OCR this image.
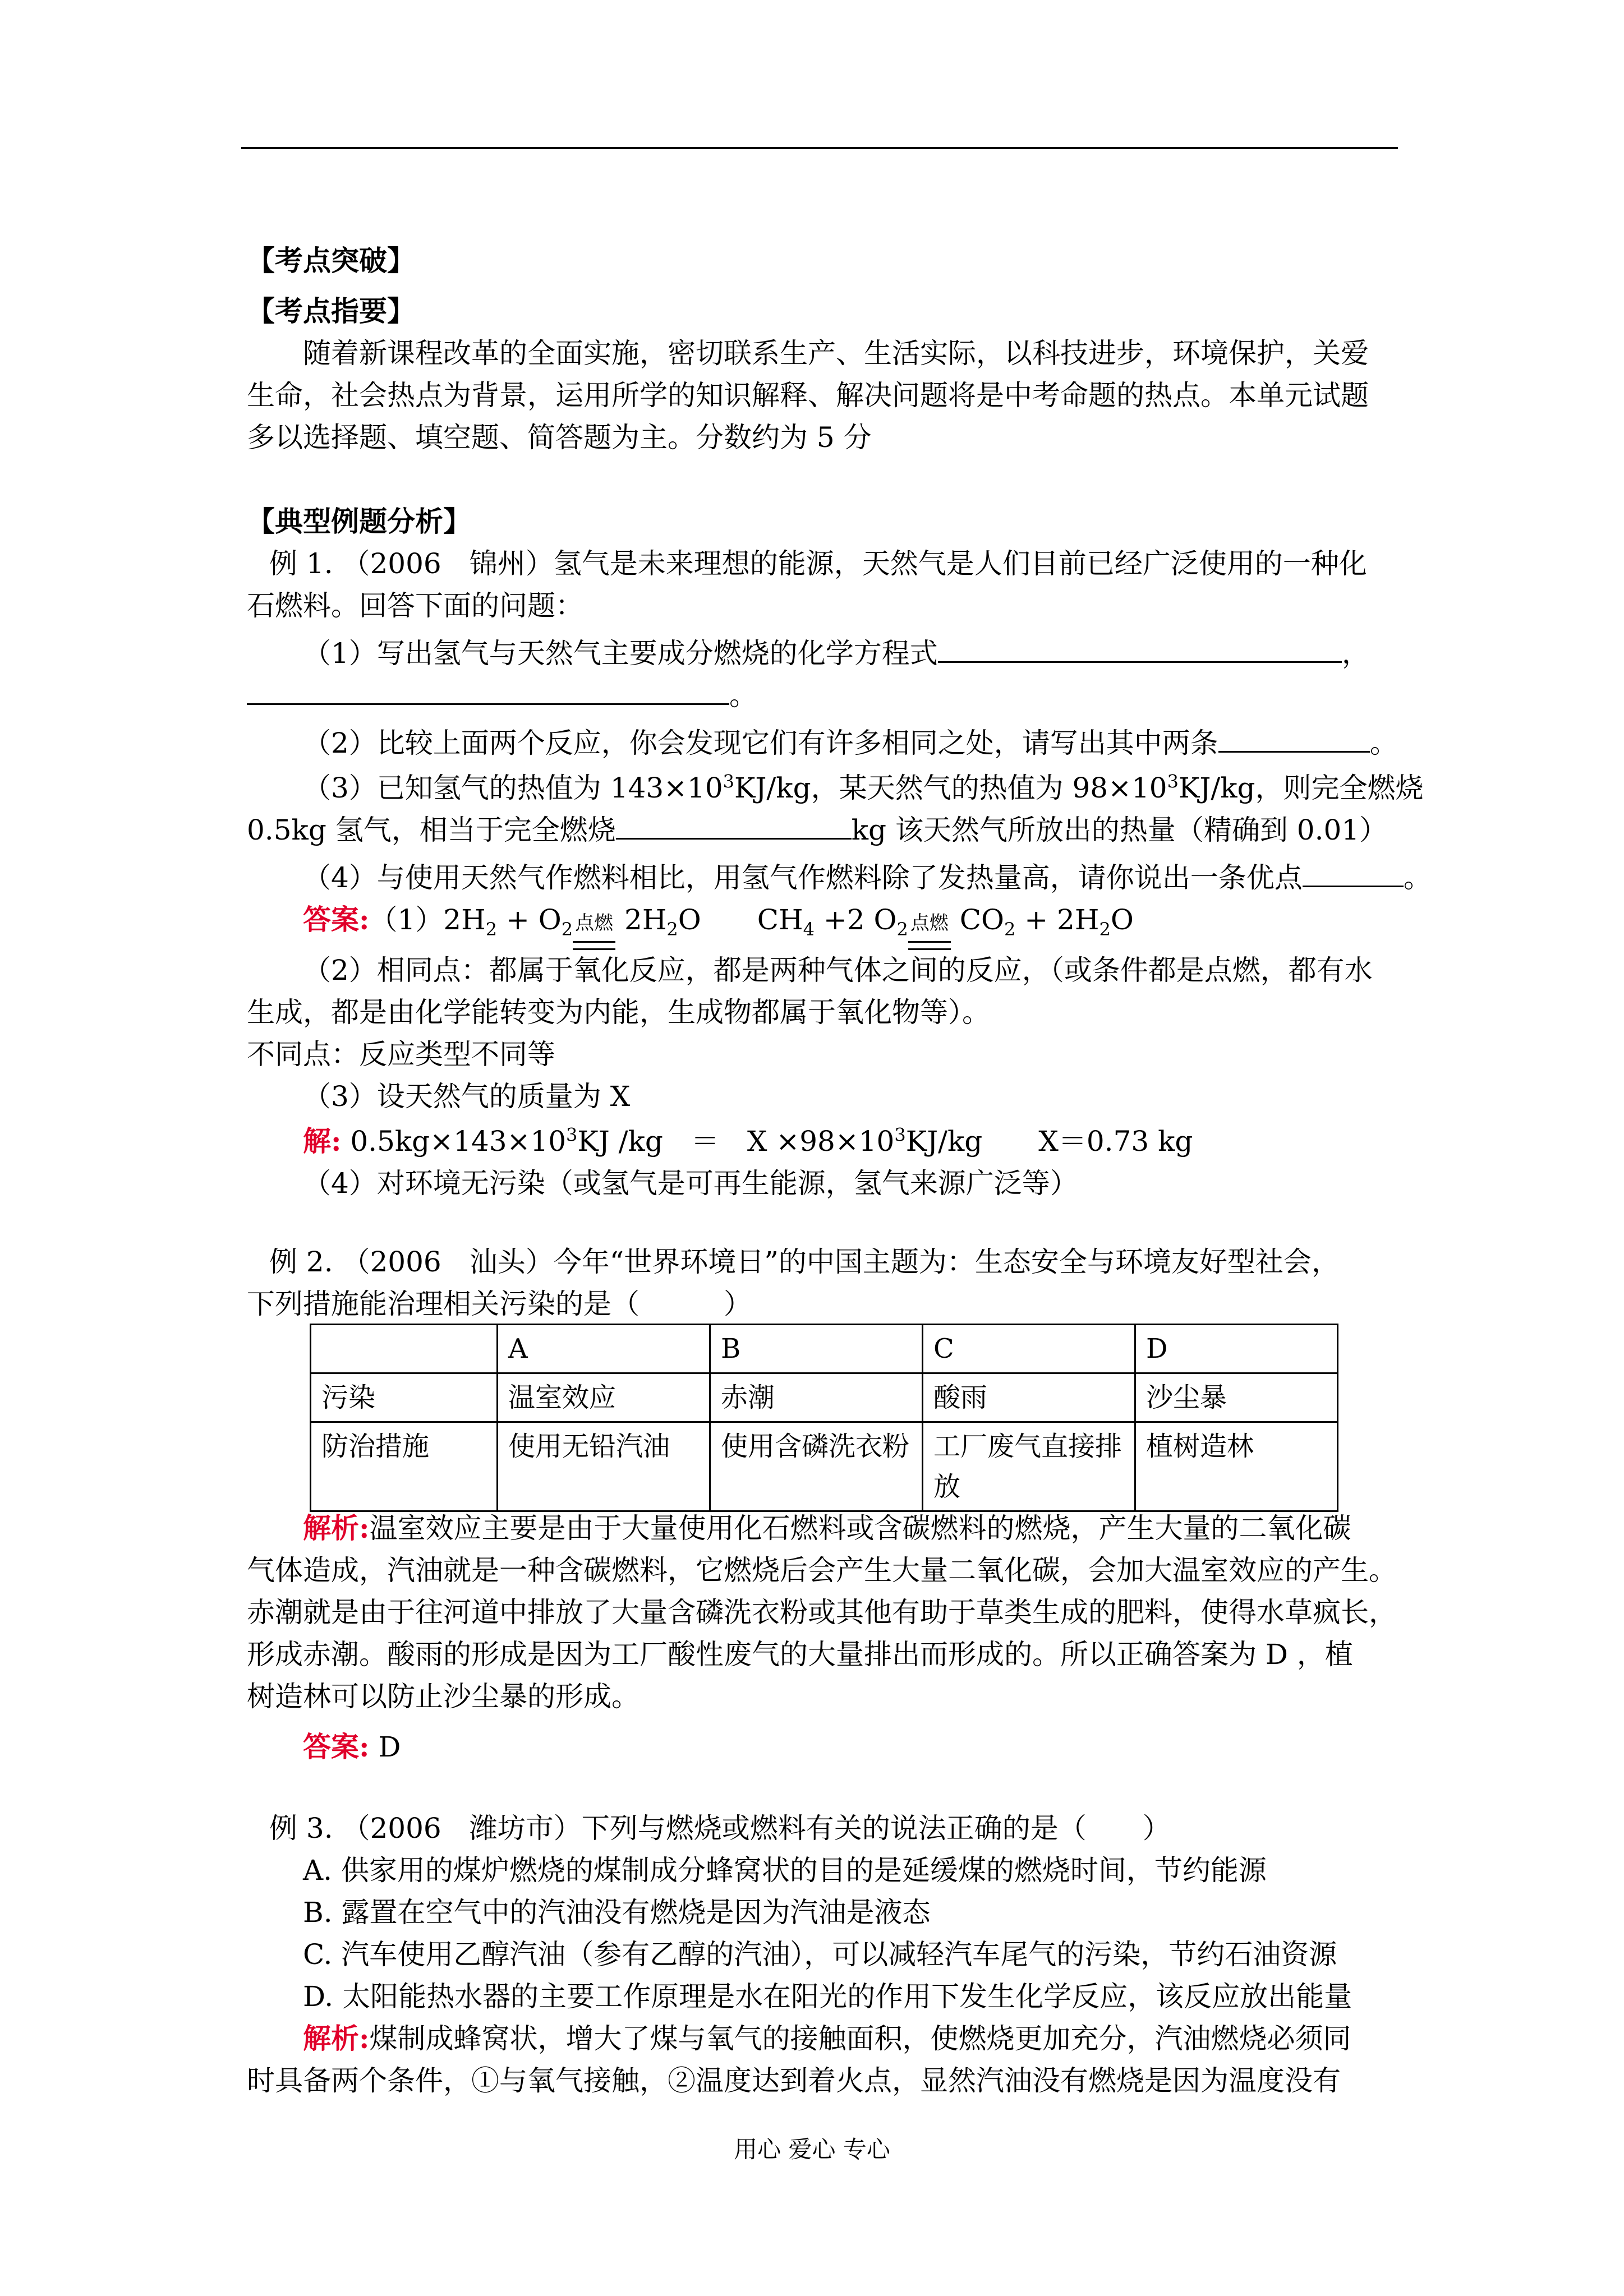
【考点突破】
【考点指要】
随着新课程改革的全面实施，密切联系生产、生活实际，以科技进步，环境保护，关爱
生命，社会热点为背景，运用所学的知识解释、解决问题将是中考命题的热点。本单元试题
多以选择题、填空题、简答题为主。分数约为 5 分
【典型例题分析】
例 1. （2006　锦州）氢气是未来理想的能源，天然气是人们目前已经广泛使用的一种化
石燃料。回答下面的问题：
（1）写出氢气与天然气主要成分燃烧的化学方程式	，
。
（2）比较上面两个反应，你会发现它们有许多相同之处，请写出其中两条	。
（3）已知氢气的热值为 $143\times 10^3KJ/kg$，某天然气的热值为 $98\times 10^3KJ/kg$，则完全燃烧
0.5kg 氢气，相当于完全燃烧	kg 该天然气所放出的热量（精确到 0.01）
（4）与使用天然气作燃料相比，用氢气作燃料除了发热量高，请你说出一条优点	。
答案$:(1)2H_2 + O_2$ 点燃 $2H_2O$ $CH_4 +2$ $O_2$ 点燃 $CO_2 + 2H_2O$
（2）相同点：都属于氧化反应，都是两种气体之间的反应，（或条件都是点燃，都有水
生成，都是由化学能转变为内能，生成物都属于氧化物等）。
不同点：反应类型不同等
（3）设天然气的质量为 X
解: $0.5kg\times 143\times 10^3KJ$ /kg　＝　$X \times 98\times 10^3KJ/kg$　　X＝0.73 kg
（4）对环境无污染（或氢气是可再生能源，氢气来源广泛等）
例 2. （2006　汕头）今年“世界环境日”的中国主题为：生态安全与环境友好型社会，
下列措施能治理相关污染的是（　　　）
	A	B	C	D
污染	温室效应	赤潮	酸雨	沙尘暴
防治措施	使用无铅汽油	使用含磷洗衣粉	工厂废气直接排放	植树造林
解析:温室效应主要是由于大量使用化石燃料或含碳燃料的燃烧，产生大量的二氧化碳
气体造成，汽油就是一种含碳燃料，它燃烧后会产生大量二氧化碳，会加大温室效应的产生。
赤潮就是由于往河道中排放了大量含磷洗衣粉或其他有助于草类生成的肥料，使得水草疯长，
形成赤潮。酸雨的形成是因为工厂酸性废气的大量排出而形成的。所以正确答案为 D ，植
树造林可以防止沙尘暴的形成。
答案: D
例 3. （2006　潍坊市）下列与燃烧或燃料有关的说法正确的是（　　）
A. 供家用的煤炉燃烧的煤制成分蜂窝状的目的是延缓煤的燃烧时间，节约能源
B. 露置在空气中的汽油没有燃烧是因为汽油是液态
C. 汽车使用乙醇汽油（参有乙醇的汽油），可以减轻汽车尾气的污染，节约石油资源
D. 太阳能热水器的主要工作原理是水在阳光的作用下发生化学反应，该反应放出能量
解析:煤制成蜂窝状，增大了煤与氧气的接触面积，使燃烧更加充分，汽油燃烧必须同
时具备两个条件，①与氧气接触，②温度达到着火点，显然汽油没有燃烧是因为温度没有
用心 爱心 专心
